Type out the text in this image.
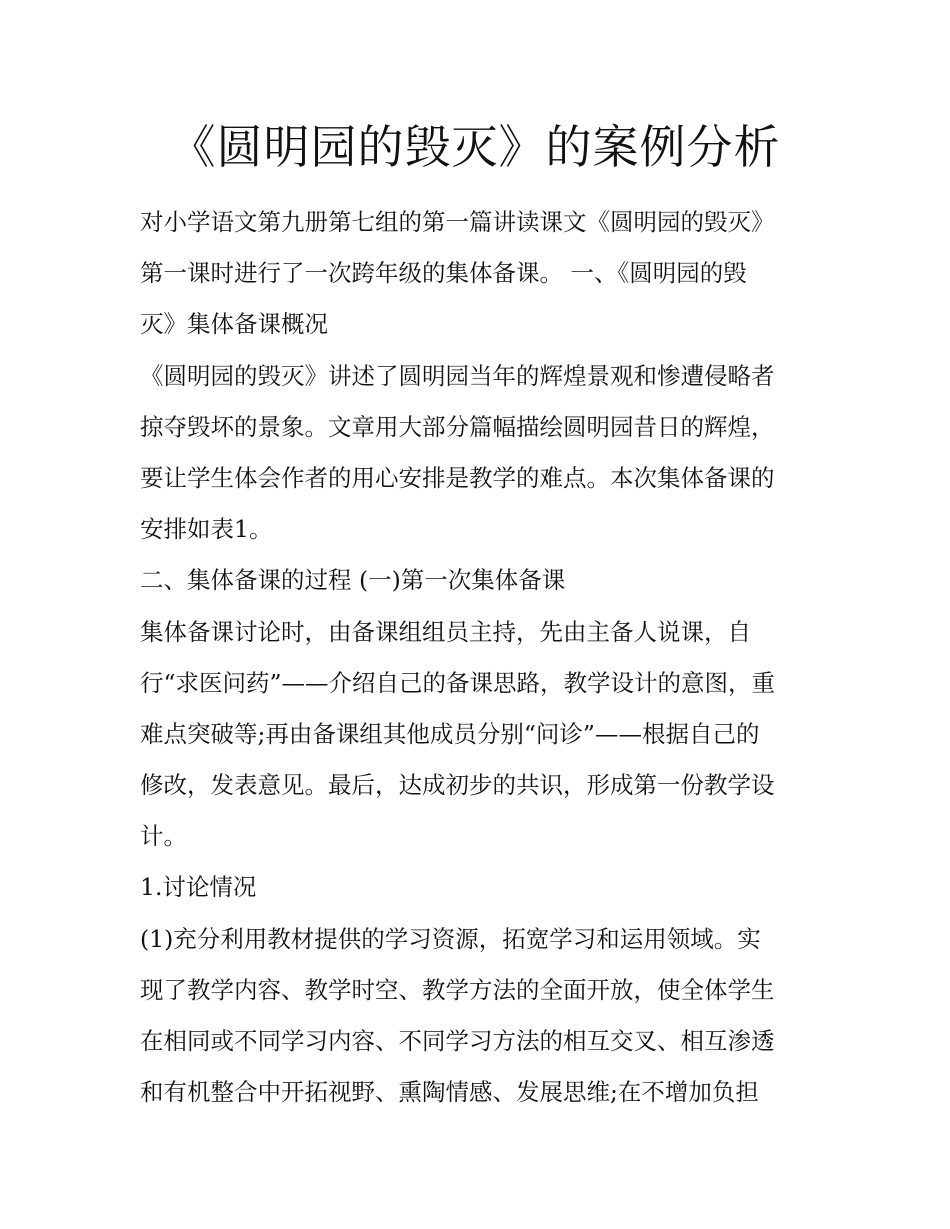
《圆明园的毁灭》的案例分析
对小学语文第九册第七组的第一篇讲读课文《圆明园的毁灭》
第一课时进行了一次跨年级的集体备课。 一、《圆明园的毁
灭》集体备课概况
《圆明园的毁灭》讲述了圆明园当年的辉煌景观和惨遭侵略者
掠夺毁坏的景象。文章用大部分篇幅描绘圆明园昔日的辉煌，
要让学生体会作者的用心安排是教学的难点。本次集体备课的
安排如表1。
二、集体备课的过程 (一)第一次集体备课
集体备课讨论时，由备课组组员主持，先由主备人说课，自
行“求医问药”——介绍自己的备课思路，教学设计的意图，重
难点突破等;再由备课组其他成员分别“问诊”——根据自己的
修改，发表意见。最后，达成初步的共识，形成第一份教学设
计。
1.讨论情况
(1)充分利用教材提供的学习资源，拓宽学习和运用领域。实
现了教学内容、教学时空、教学方法的全面开放，使全体学生
在相同或不同学习内容、不同学习方法的相互交叉、相互渗透
和有机整合中开拓视野、熏陶情感、发展思维;在不增加负担
